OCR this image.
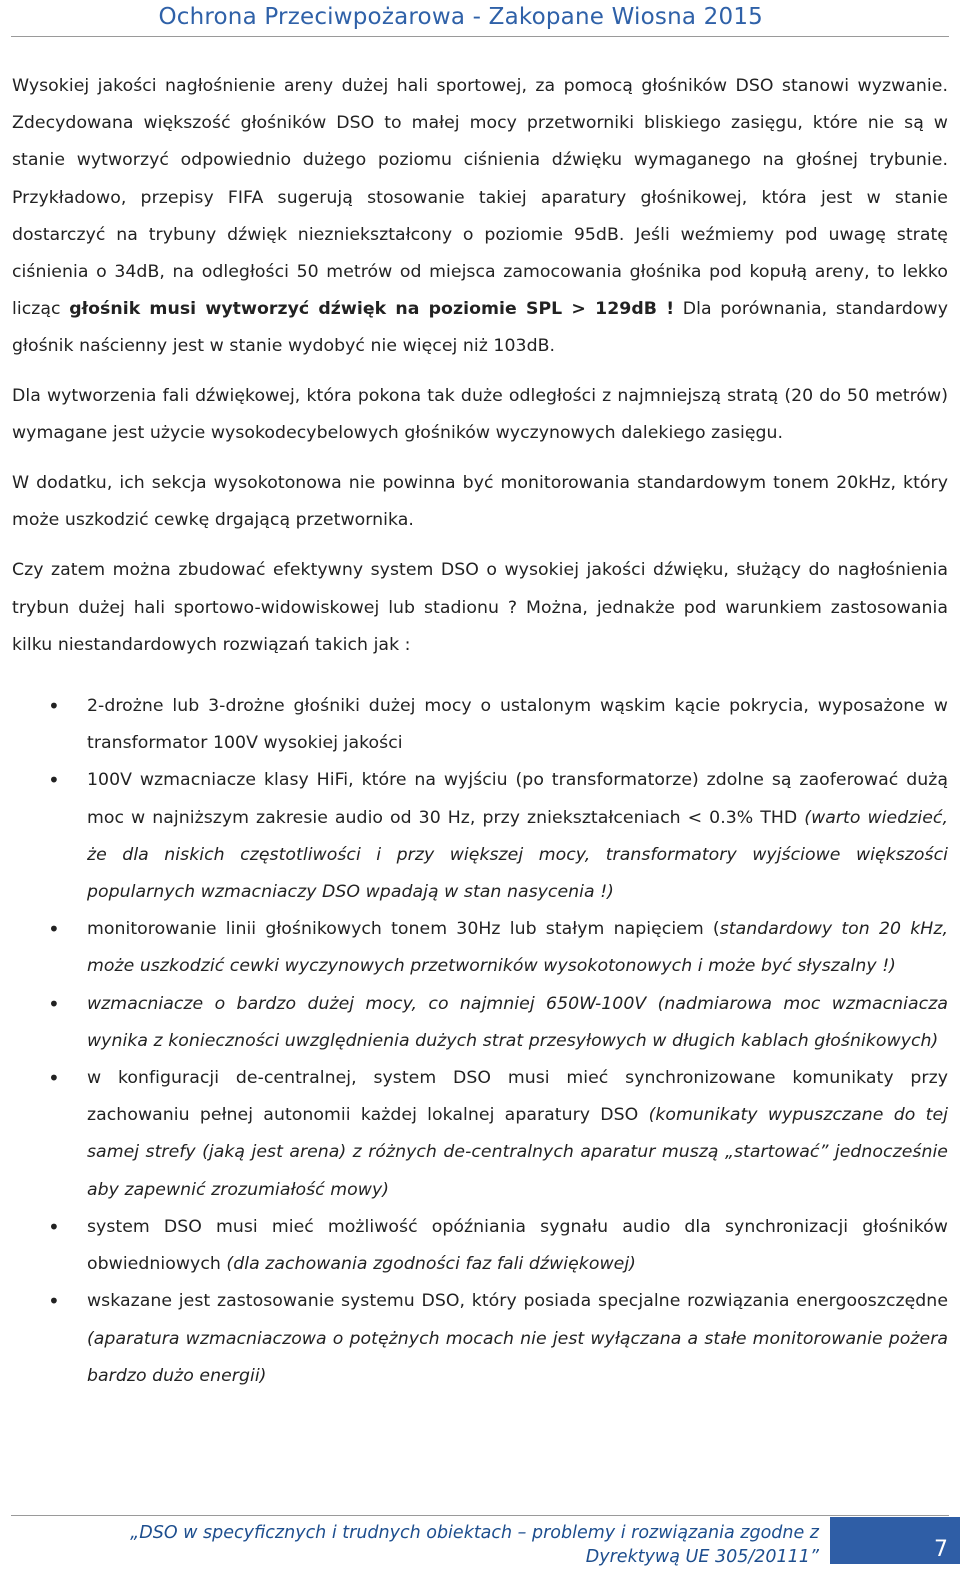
Ochrona Przeciwpożarowa - Zakopane Wiosna 2015

Wysokiej jakości nagłośnienie areny dużej hali sportowej, za pomocą głośników DSO stanowi wyzwanie. Zdecydowana większość głośników DSO to małej mocy przetworniki bliskiego zasięgu, które nie są w stanie wytworzyć odpowiednio dużego poziomu ciśnienia dźwięku wymaganego na głośnej trybunie. Przykładowo, przepisy FIFA sugerują stosowanie takiej aparatury głośnikowej, która jest w stanie dostarczyć na trybuny dźwięk niezniekształcony o poziomie 95dB. Jeśli weźmiemy pod uwagę stratę ciśnienia o 34dB, na odległości 50 metrów od miejsca zamocowania głośnika pod kopułą areny, to lekko licząc głośnik musi wytworzyć dźwięk na poziomie SPL > 129dB ! Dla porównania, standardowy głośnik naścienny jest w stanie wydobyć nie więcej niż 103dB.

Dla wytworzenia fali dźwiękowej, która pokona tak duże odległości z najmniejszą stratą (20 do 50 metrów) wymagane jest użycie wysokodecybelowych głośników wyczynowych dalekiego zasięgu.

W dodatku, ich sekcja wysokotonowa nie powinna być monitorowania standardowym tonem 20kHz, który może uszkodzić cewkę drgającą przetwornika.

Czy zatem można zbudować efektywny system DSO o wysokiej jakości dźwięku, służący do nagłośnienia trybun dużej hali sportowo-widowiskowej lub stadionu ? Można, jednakże pod warunkiem zastosowania kilku niestandardowych rozwiązań takich jak :

• 2-drożne lub 3-drożne głośniki dużej mocy o ustalonym wąskim kącie pokrycia, wyposażone w transformator 100V wysokiej jakości
• 100V wzmacniacze klasy HiFi, które na wyjściu (po transformatorze) zdolne są zaoferować dużą moc w najniższym zakresie audio od 30 Hz, przy zniekształceniach < 0.3% THD (warto wiedzieć, że dla niskich częstotliwości i przy większej mocy, transformatory wyjściowe większości popularnych wzmacniaczy DSO wpadają w stan nasycenia !)
• monitorowanie linii głośnikowych tonem 30Hz lub stałym napięciem (standardowy ton 20 kHz, może uszkodzić cewki wyczynowych przetworników wysokotonowych i może być słyszalny !)
• wzmacniacze o bardzo dużej mocy, co najmniej 650W-100V (nadmiarowa moc wzmacniacza wynika z konieczności uwzględnienia dużych strat przesyłowych w długich kablach głośnikowych)
• w konfiguracji de-centralnej, system DSO musi mieć synchronizowane komunikaty przy zachowaniu pełnej autonomii każdej lokalnej aparatury DSO (komunikaty wypuszczane do tej samej strefy (jaką jest arena) z różnych de-centralnych aparatur muszą „startować” jednocześnie aby zapewnić zrozumiałość mowy)
• system DSO musi mieć możliwość opóźniania sygnału audio dla synchronizacji głośników obwiedniowych (dla zachowania zgodności faz fali dźwiękowej)
• wskazane jest zastosowanie systemu DSO, który posiada specjalne rozwiązania energooszczędne (aparatura wzmacniaczowa o potężnych mocach nie jest wyłączana a stałe monitorowanie pożera bardzo dużo energii)
„DSO w specyficznych i trudnych obiektach – problemy i rozwiązania zgodne z Dyrektywą UE 305/20111”	7
